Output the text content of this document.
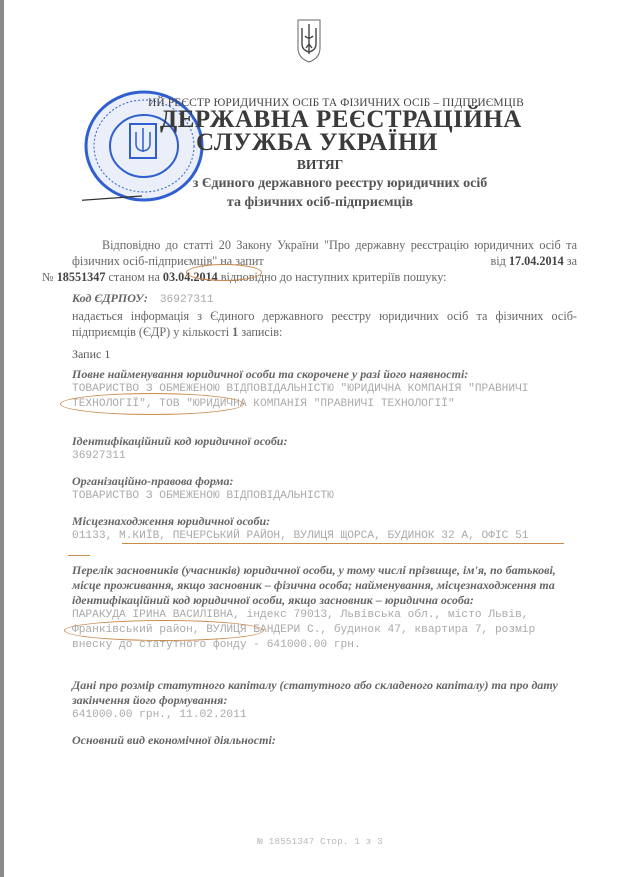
ИЙ РЕЄСТР ЮРИДИЧНИХ ОСІБ ТА ФІЗИЧНИХ ОСІБ – ПІДПРИЄМЦІВ
ДЕРЖАВНА РЕЄСТРАЦІЙНА
СЛУЖБА УКРАЇНИ
ВИТЯГ
з Єдиного державного реєстру юридичних осіб
та фізичних осіб-підприємців
Відповідно до статті 20 Закону України "Про державну реєстрацію юридичних осіб та фізичних осіб-підприємців" на запит	від 17.04.2014 за

№ 18551347 станом на 03.04.2014 відповідно до наступних критеріїв пошуку:
Код ЄДРПОУ: 36927311
надається інформація з Єдиного державного реєстру юридичних осіб та фізичних осіб-підприємців (ЄДР) у кількості 1 записів:
Запис 1
Повне найменування юридичної особи та скорочене у разі його наявності:
ТОВАРИСТВО З ОБМЕЖЕНОЮ ВІДПОВІДАЛЬНІСТЮ "ЮРИДИЧНА КОМПАНІЯ "ПРАВНИЧІ ТЕХНОЛОГІЇ", ТОВ "ЮРИДИЧНА КОМПАНІЯ "ПРАВНИЧІ ТЕХНОЛОГІЇ"
Ідентифікаційний код юридичної особи:
36927311
Організаційно-правова форма:
ТОВАРИСТВО З ОБМЕЖЕНОЮ ВІДПОВІДАЛЬНІСТЮ
Місцезнаходження юридичної особи:
01133, М.КИЇВ, ПЕЧЕРСЬКИЙ РАЙОН, ВУЛИЦЯ ЩОРСА, БУДИНОК 32 А, ОФІС 51
Перелік засновників (учасників) юридичної особи, у тому числі прізвище, ім'я, по батькові, місце проживання, якщо засновник – фізична особа; найменування, місцезнаходження та ідентифікаційний код юридичної особи, якщо засновник – юридична особа:
ПАРАКУДА ІРИНА ВАСИЛІВНА, індекс 79013, Львівська обл., місто Львів, Франківський район, ВУЛИЦЯ БАНДЕРИ С., будинок 47, квартира 7, розмір внеску до статутного фонду - 641000.00 грн.
Дані про розмір статутного капіталу (статутного або складеного капіталу) та про дату закінчення його формування:
641000.00 грн., 11.02.2011
Основний вид економічної діяльності:
№ 18551347 Стор. 1 з 3
